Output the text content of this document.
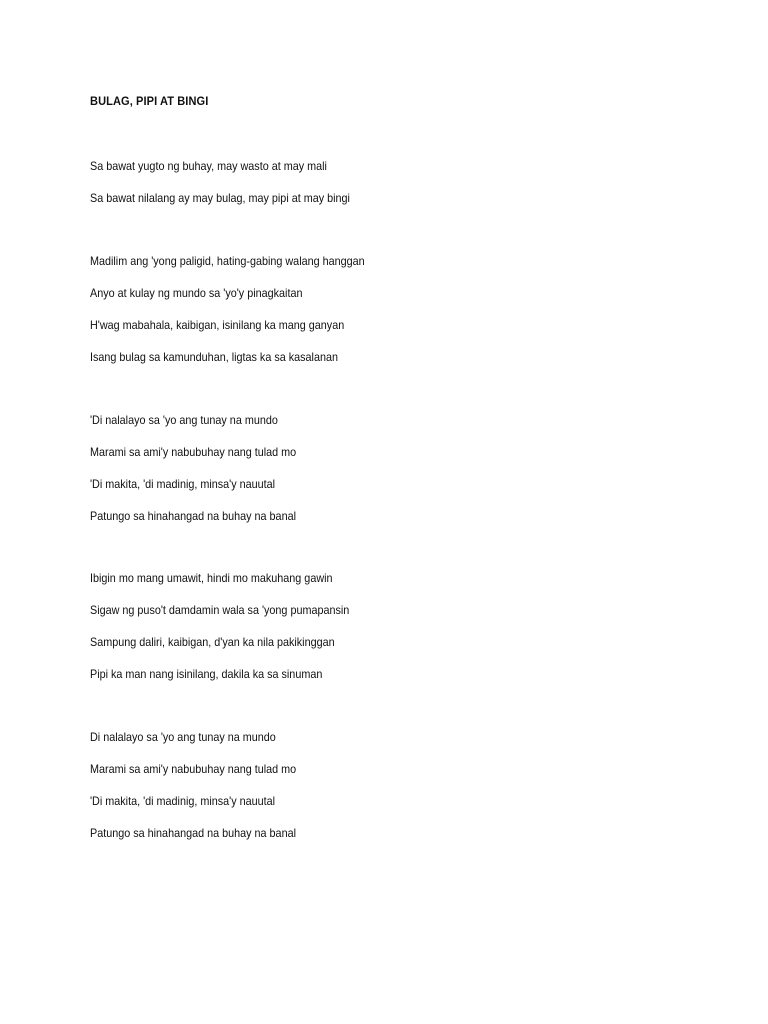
BULAG, PIPI AT BINGI
Sa bawat yugto ng buhay, may wasto at may mali
Sa bawat nilalang ay may bulag, may pipi at may bingi
Madilim ang 'yong paligid, hating-gabing walang hanggan
Anyo at kulay ng mundo sa 'yo'y pinagkaitan
H'wag mabahala, kaibigan, isinilang ka mang ganyan
Isang bulag sa kamunduhan, ligtas ka sa kasalanan
'Di nalalayo sa 'yo ang tunay na mundo
Marami sa ami'y nabubuhay nang tulad mo
'Di makita, 'di madinig, minsa'y nauutal
Patungo sa hinahangad na buhay na banal
Ibigin mo mang umawit, hindi mo makuhang gawin
Sigaw ng puso't damdamin wala sa 'yong pumapansin
Sampung daliri, kaibigan, d'yan ka nila pakikinggan
Pipi ka man nang isinilang, dakila ka sa sinuman
Di nalalayo sa 'yo ang tunay na mundo
Marami sa ami'y nabubuhay nang tulad mo
'Di makita, 'di madinig, minsa'y nauutal
Patungo sa hinahangad na buhay na banal
